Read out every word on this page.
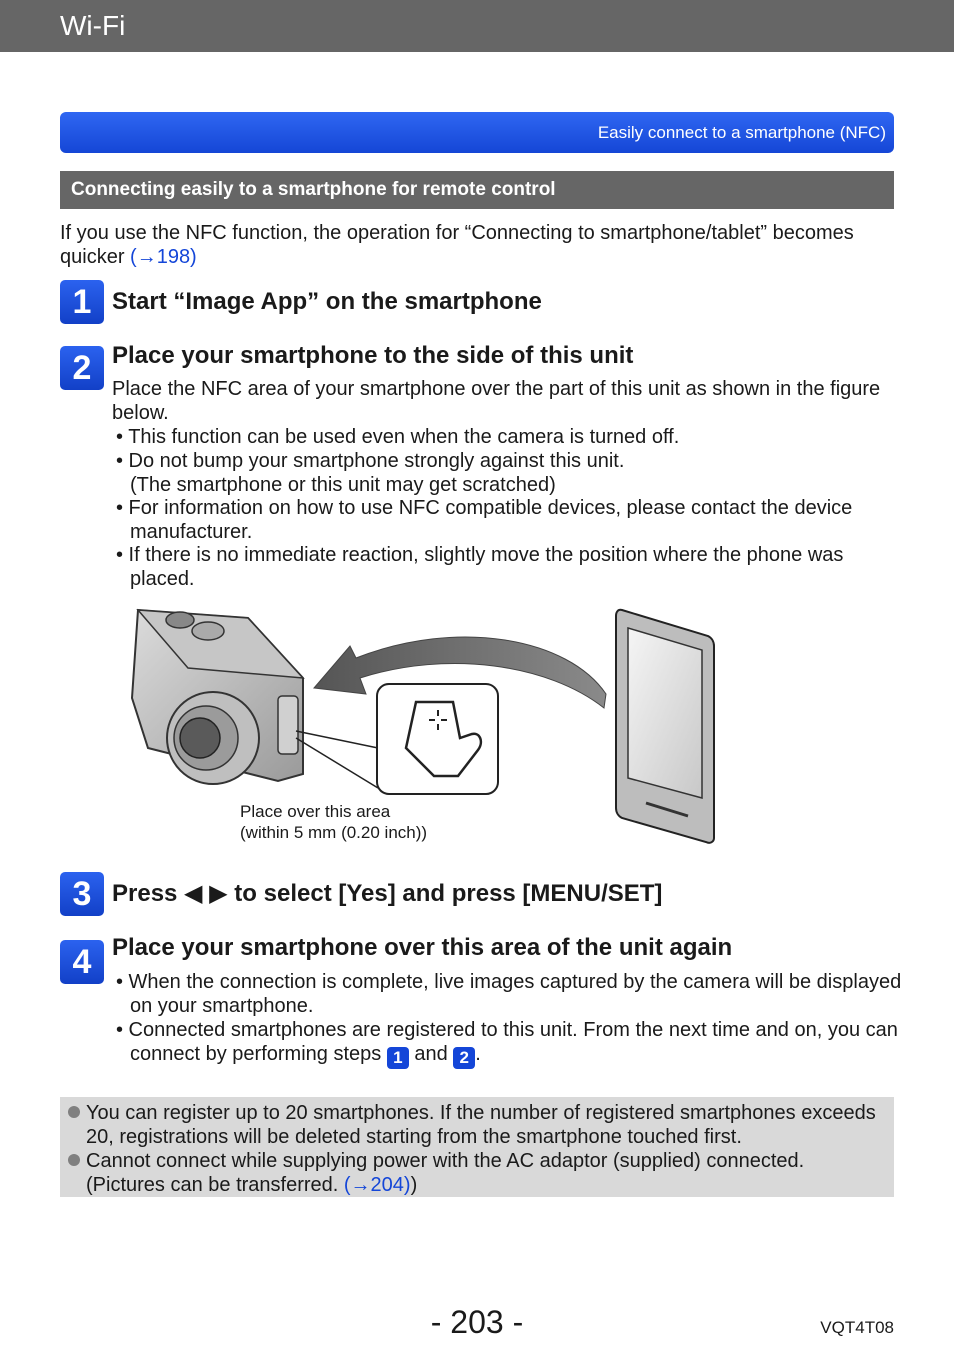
Wi-Fi
Easily connect to a smartphone (NFC)
Connecting easily to a smartphone for remote control
If you use the NFC function, the operation for “Connecting to smartphone/tablet” becomes quicker (→198)
1 Start “Image App” on the smartphone
2 Place your smartphone to the side of this unit
Place the NFC area of your smartphone over the part of this unit as shown in the figure below.
• This function can be used even when the camera is turned off.
• Do not bump your smartphone strongly against this unit.
(The smartphone or this unit may get scratched)
• For information on how to use NFC compatible devices, please contact the device manufacturer.
• If there is no immediate reaction, slightly move the position where the phone was placed.
Place over this area
(within 5 mm (0.20 inch))
3 Press ◀ ▶ to select [Yes] and press [MENU/SET]
4 Place your smartphone over this area of the unit again
• When the connection is complete, live images captured by the camera will be displayed on your smartphone.
• Connected smartphones are registered to this unit. From the next time and on, you can connect by performing steps 1 and 2 .
You can register up to 20 smartphones. If the number of registered smartphones exceeds 20, registrations will be deleted starting from the smartphone touched first.
Cannot connect while supplying power with the AC adaptor (supplied) connected. (Pictures can be transferred. (→204))
- 203 -	VQT4T08
